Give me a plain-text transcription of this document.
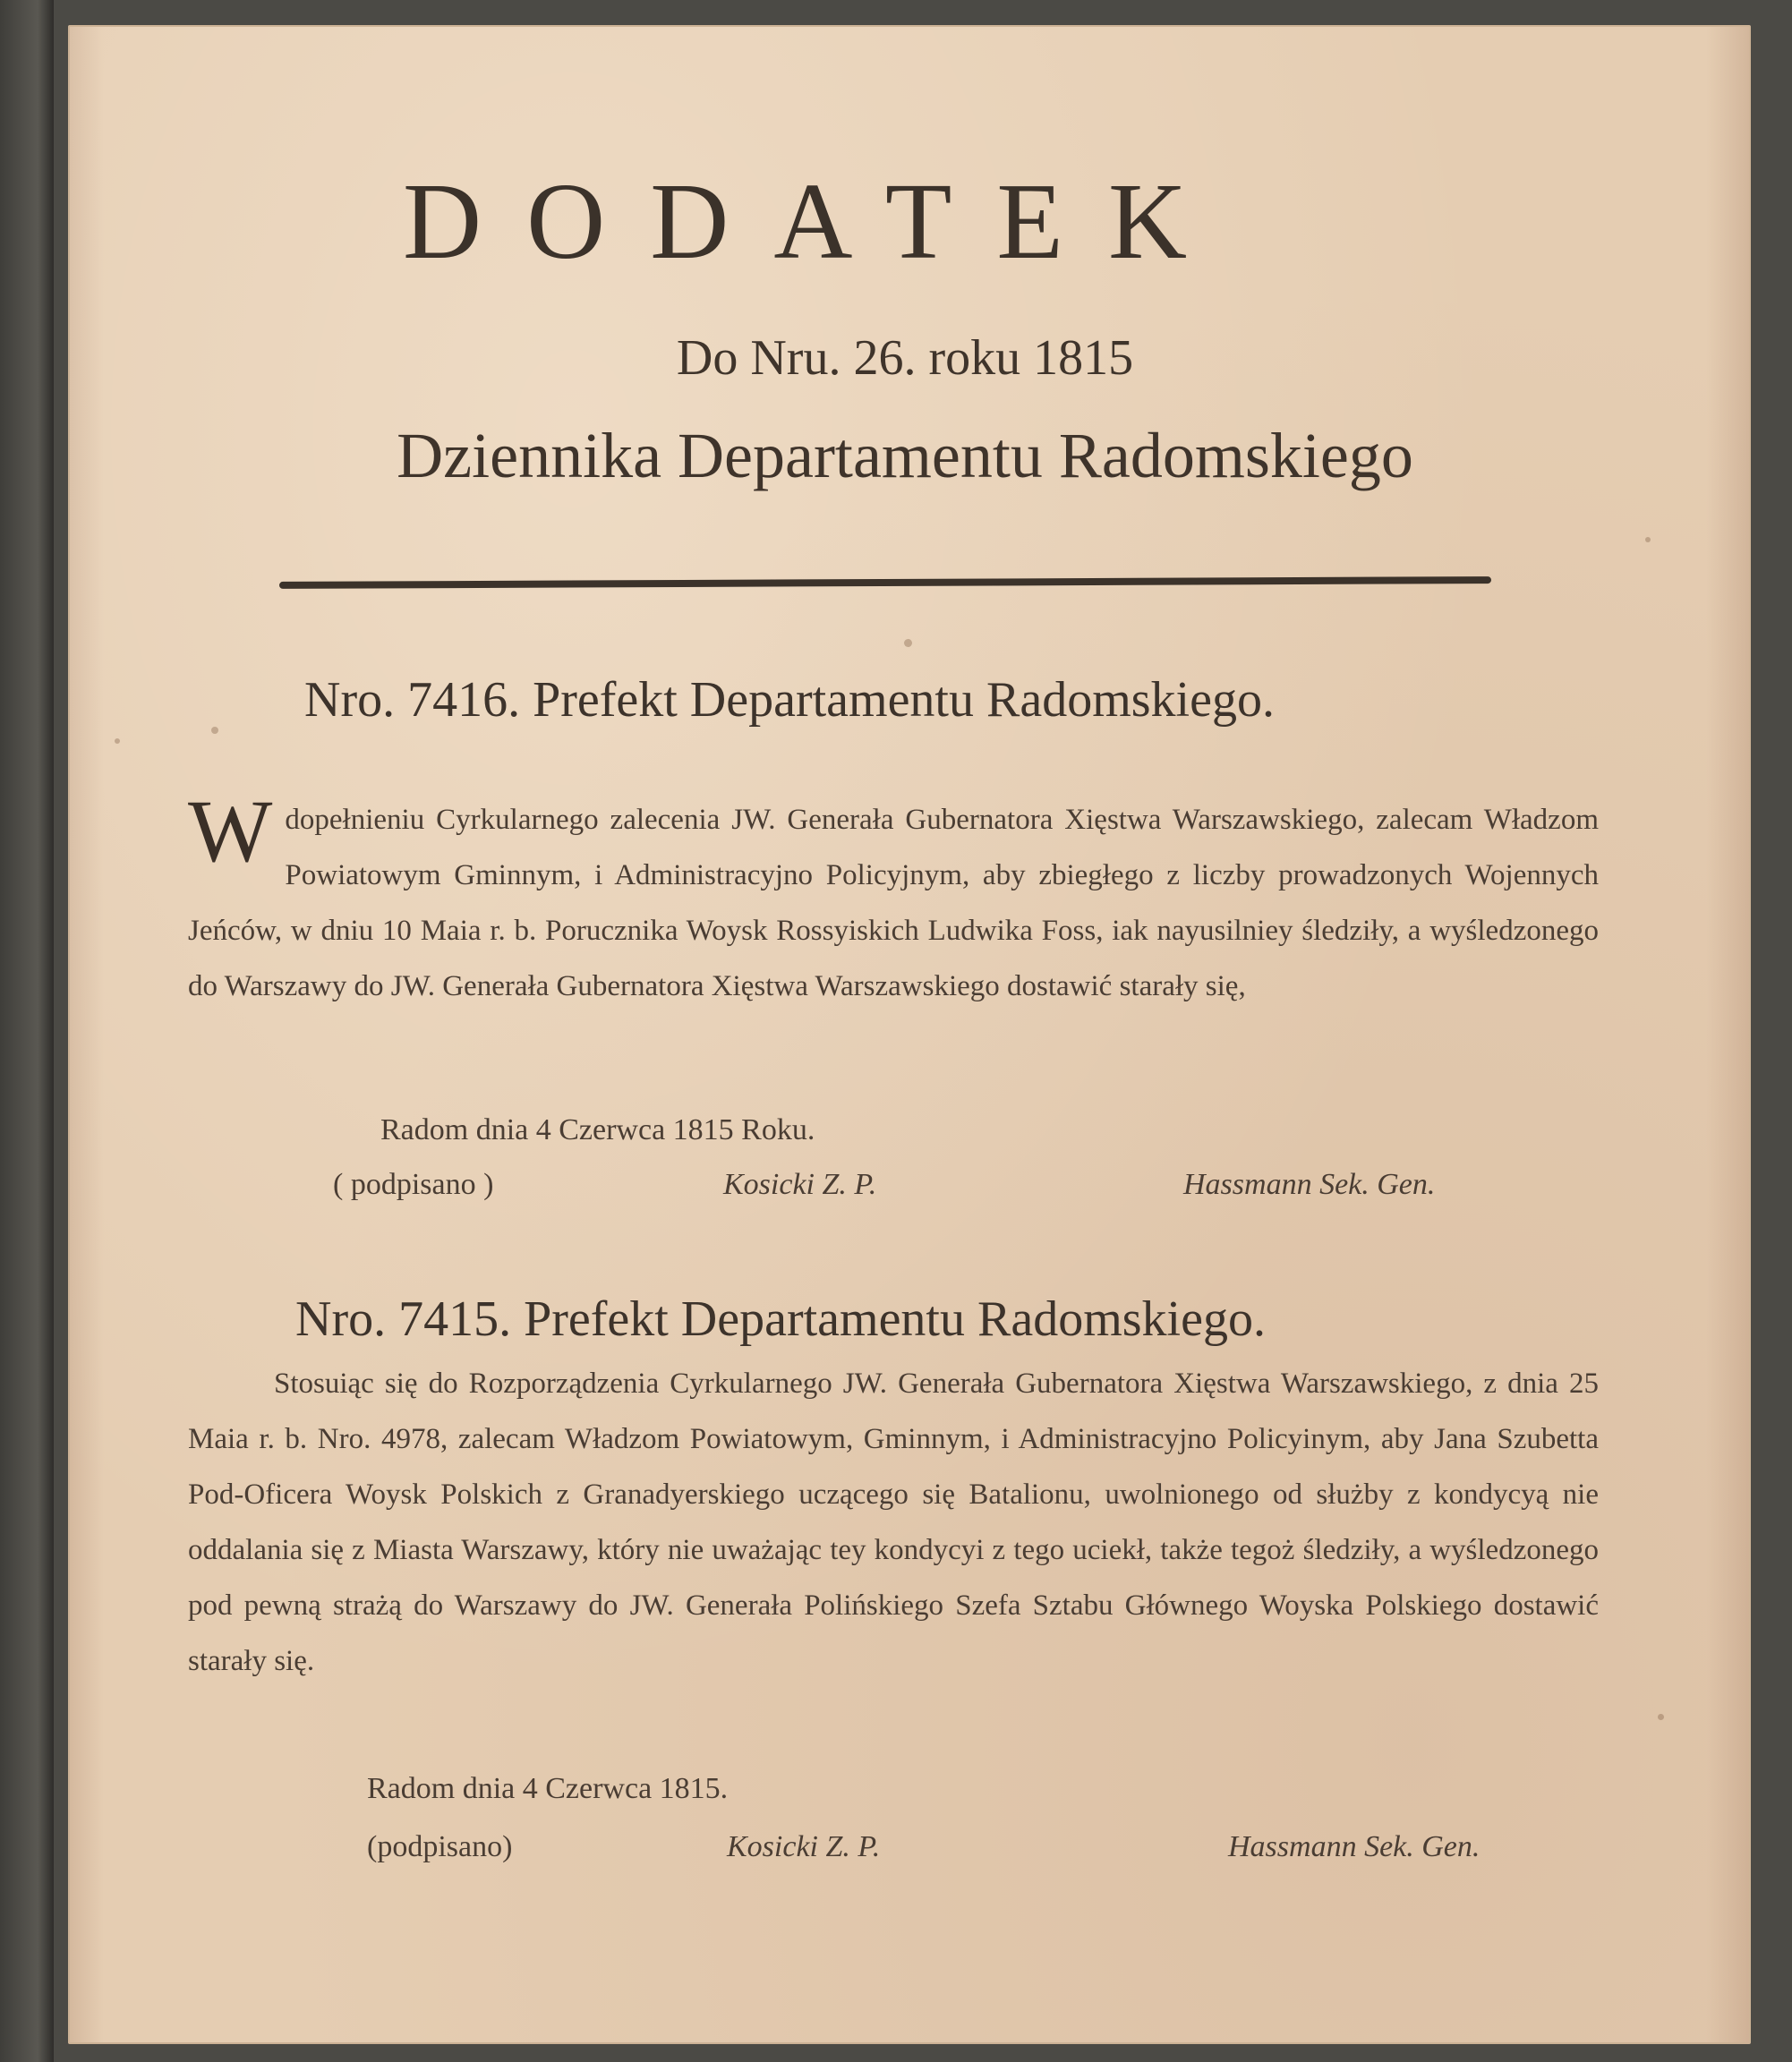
DODATEK
Do Nru. 26. roku 1815
Dziennika Departamentu Radomskiego
Nro. 7416. Prefekt Departamentu Radomskiego.
Wdopełnieniu Cyrkularnego zalecenia JW. Generała Gubernatora Xięstwa Warszawskiego, zalecam Władzom Powiatowym Gminnym, i Administracyjno Policyjnym, aby zbiegłego z liczby prowadzonych Wojennych Jeńców, w dniu 10 Maia r. b. Porucznika Woysk Rossyiskich Ludwika Foss, iak nayusilniey śledziły, a wyśledzonego do Warszawy do JW. Generała Gubernatora Xięstwa Warszawskiego dostawić starały się,
Radom dnia 4 Czerwca 1815 Roku.
( podpisano )	Kosicki Z. P.	Hassmann Sek. Gen.
Nro. 7415. Prefekt Departamentu Radomskiego.
Stosuiąc się do Rozporządzenia Cyrkularnego JW. Generała Gubernatora Xięstwa Warszawskiego, z dnia 25 Maia r. b. Nro. 4978, zalecam Władzom Powiatowym, Gminnym, i Administracyjno Policyinym, aby Jana Szubetta Pod-Oficera Woysk Polskich z Granadyerskiego uczącego się Batalionu, uwolnionego od służby z kondycyą nie oddalania się z Miasta Warszawy, który nie uważając tey kondycyi z tego uciekł, także tegoż śledziły, a wyśledzonego pod pewną strażą do Warszawy do JW. Generała Polińskiego Szefa Sztabu Głównego Woyska Polskiego dostawić starały się.
Radom dnia 4 Czerwca 1815.
(podpisano)	Kosicki Z. P.	Hassmann Sek. Gen.
